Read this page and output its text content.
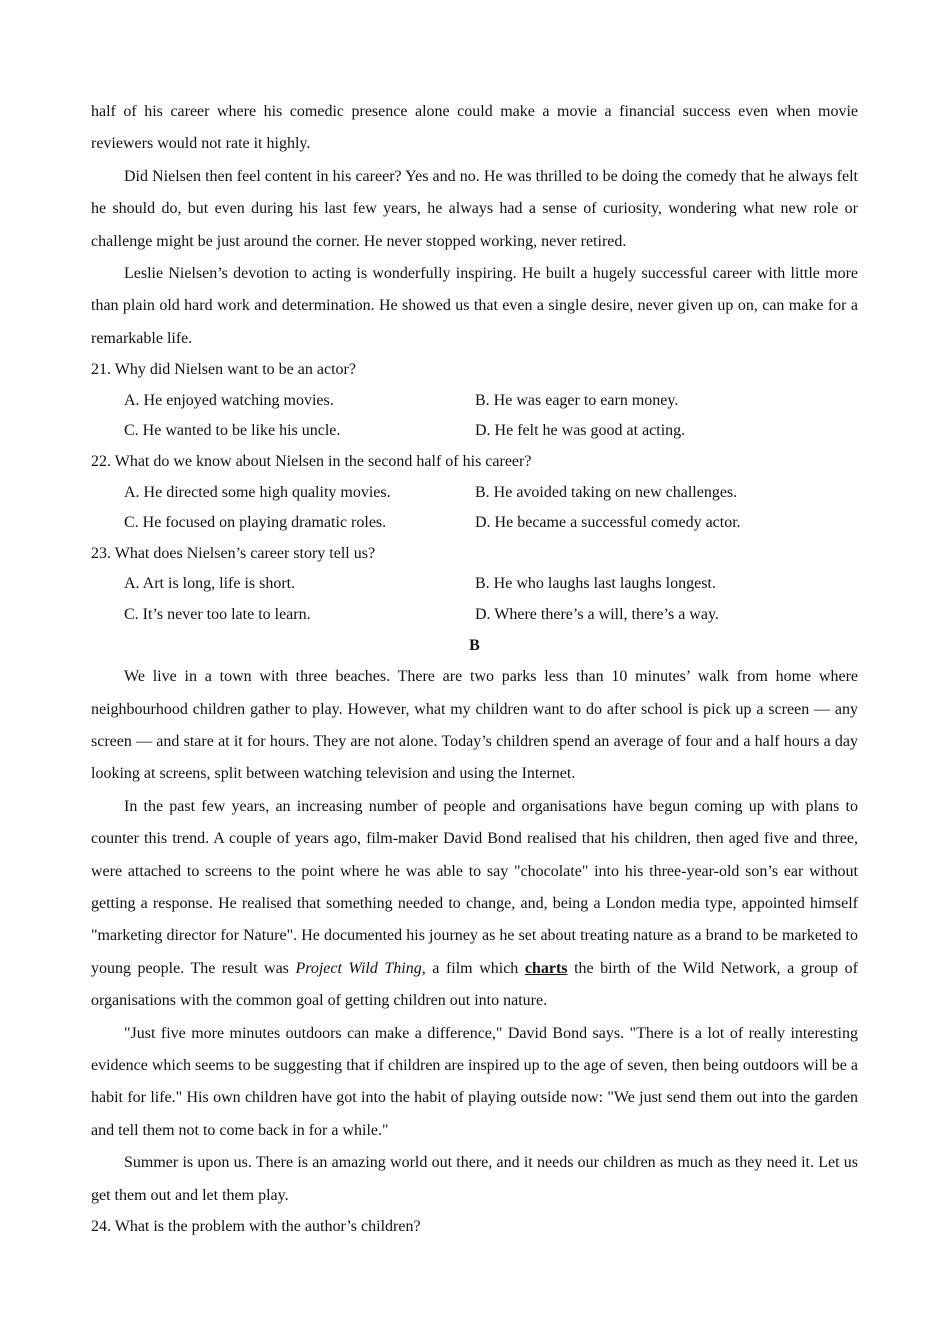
half of his career where his comedic presence alone could make a movie a financial success even when movie reviewers would not rate it highly.

Did Nielsen then feel content in his career? Yes and no. He was thrilled to be doing the comedy that he always felt he should do, but even during his last few years, he always had a sense of curiosity, wondering what new role or challenge might be just around the corner. He never stopped working, never retired.

Leslie Nielsen’s devotion to acting is wonderfully inspiring. He built a hugely successful career with little more than plain old hard work and determination. He showed us that even a single desire, never given up on, can make for a remarkable life.

21. Why did Nielsen want to be an actor?
A. He enjoyed watching movies.	B. He was eager to earn money.
C. He wanted to be like his uncle.	D. He felt he was good at acting.
22. What do we know about Nielsen in the second half of his career?
A. He directed some high quality movies.	B. He avoided taking on new challenges.
C. He focused on playing dramatic roles.	D. He became a successful comedy actor.
23. What does Nielsen’s career story tell us?
A. Art is long, life is short.	B. He who laughs last laughs longest.
C. It’s never too late to learn.	D. Where there’s a will, there’s a way.
B

We live in a town with three beaches. There are two parks less than 10 minutes’ walk from home where neighbourhood children gather to play. However, what my children want to do after school is pick up a screen — any screen — and stare at it for hours. They are not alone. Today’s children spend an average of four and a half hours a day looking at screens, split between watching television and using the Internet.

In the past few years, an increasing number of people and organisations have begun coming up with plans to counter this trend. A couple of years ago, film-maker David Bond realised that his children, then aged five and three, were attached to screens to the point where he was able to say "chocolate" into his three-year-old son’s ear without getting a response. He realised that something needed to change, and, being a London media type, appointed himself "marketing director for Nature". He documented his journey as he set about treating nature as a brand to be marketed to young people. The result was Project Wild Thing, a film which charts the birth of the Wild Network, a group of organisations with the common goal of getting children out into nature.

"Just five more minutes outdoors can make a difference," David Bond says. "There is a lot of really interesting evidence which seems to be suggesting that if children are inspired up to the age of seven, then being outdoors will be a habit for life." His own children have got into the habit of playing outside now: "We just send them out into the garden and tell them not to come back in for a while."

Summer is upon us. There is an amazing world out there, and it needs our children as much as they need it. Let us get them out and let them play.

24. What is the problem with the author’s children?
